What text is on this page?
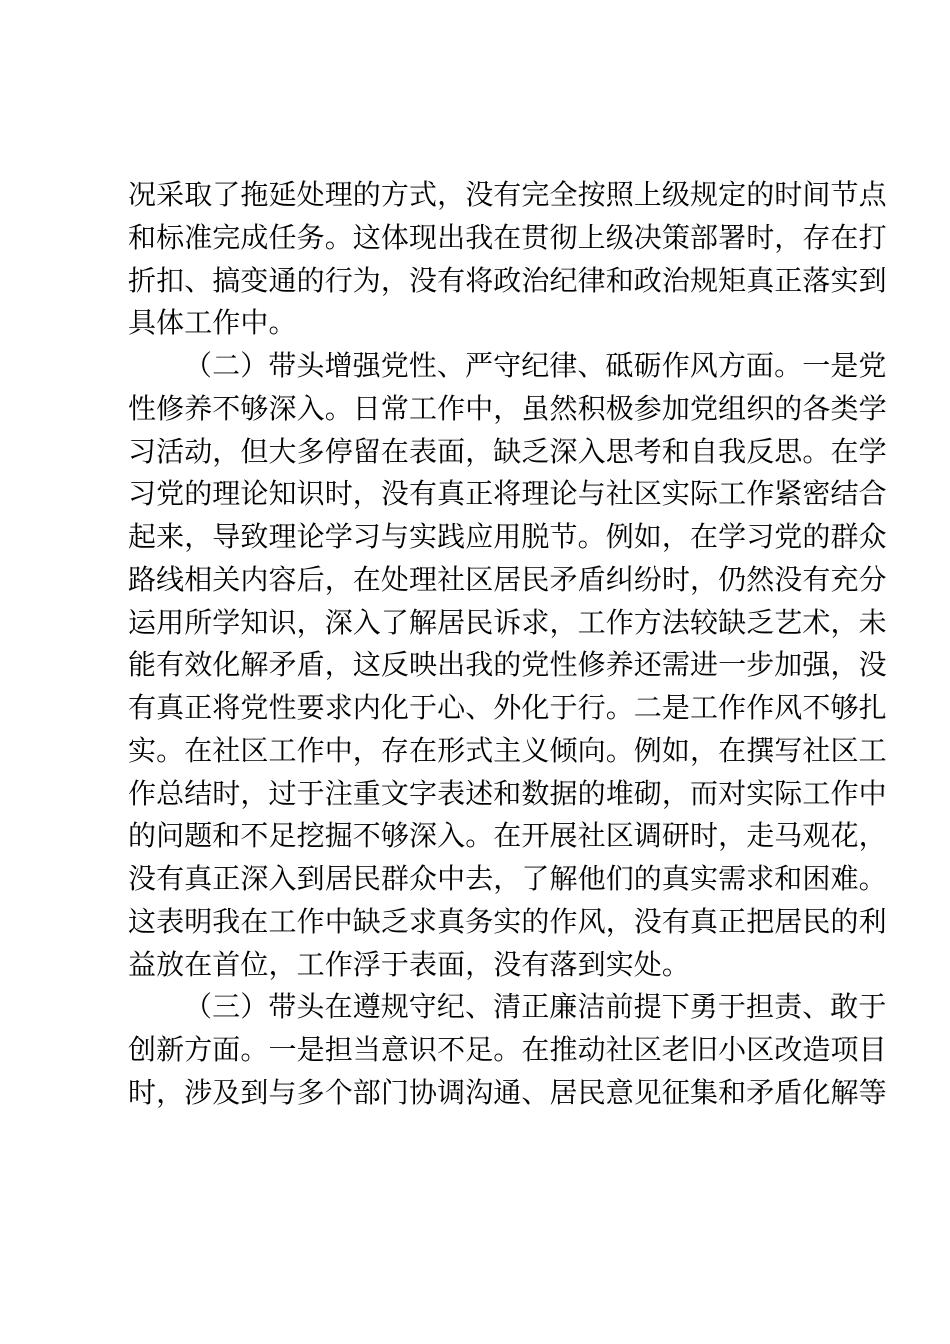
况采取了拖延处理的方式，没有完全按照上级规定的时间节点
和标准完成任务。这体现出我在贯彻上级决策部署时，存在打
折扣、搞变通的行为，没有将政治纪律和政治规矩真正落实到
具体工作中。
（二）带头增强党性、严守纪律、砥砺作风方面。一是党
性修养不够深入。日常工作中，虽然积极参加党组织的各类学
习活动，但大多停留在表面，缺乏深入思考和自我反思。在学
习党的理论知识时，没有真正将理论与社区实际工作紧密结合
起来，导致理论学习与实践应用脱节。例如，在学习党的群众
路线相关内容后，在处理社区居民矛盾纠纷时，仍然没有充分
运用所学知识，深入了解居民诉求，工作方法较缺乏艺术，未
能有效化解矛盾，这反映出我的党性修养还需进一步加强，没
有真正将党性要求内化于心、外化于行。二是工作作风不够扎
实。在社区工作中，存在形式主义倾向。例如，在撰写社区工
作总结时，过于注重文字表述和数据的堆砌，而对实际工作中
的问题和不足挖掘不够深入。在开展社区调研时，走马观花，
没有真正深入到居民群众中去，了解他们的真实需求和困难。
这表明我在工作中缺乏求真务实的作风，没有真正把居民的利
益放在首位，工作浮于表面，没有落到实处。
（三）带头在遵规守纪、清正廉洁前提下勇于担责、敢于
创新方面。一是担当意识不足。在推动社区老旧小区改造项目
时，涉及到与多个部门协调沟通、居民意见征集和矛盾化解等
